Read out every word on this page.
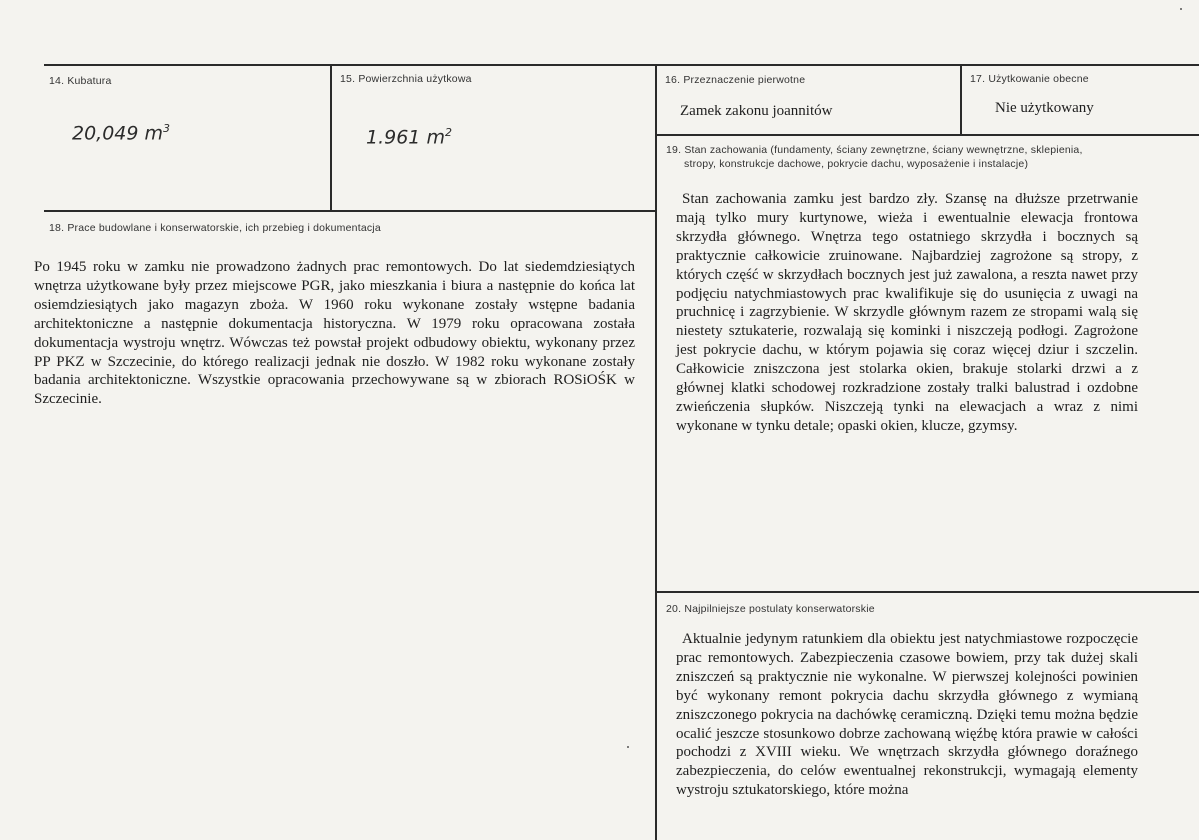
14. Kubatura
20,049 $m^3$
15. Powierzchnia użytkowa
1.961 $m^2$
16. Przeznaczenie pierwotne
Zamek zakonu joannitów
17. Użytkowanie obecne
Nie użytkowany
18. Prace budowlane i konserwatorskie, ich przebieg i dokumentacja

Po 1945 roku w zamku nie prowadzono żadnych prac remontowych. Do lat siedemdziesiątych wnętrza użytkowane były przez miejscowe PGR, jako mieszkania i biura a następnie do końca lat osiemdziesiątych jako magazyn zboża. W 1960 roku wykonane zostały wstępne badania architektoniczne a następnie dokumentacja historyczna. W 1979 roku opracowana została dokumentacja wystroju wnętrz. Wówczas też powstał projekt odbudowy obiektu, wykonany przez PP PKZ w Szczecinie, do którego realizacji jednak nie doszło. W 1982 roku wykonane zostały badania architektoniczne. Wszystkie opracowania przechowywane są w zbiorach ROSiOŚK w Szczecinie.

19. Stan zachowania (fundamenty, ściany zewnętrzne, ściany wewnętrzne, sklepienia,
stropy, konstrukcje dachowe, pokrycie dachu, wyposażenie i instalacje)

Stan zachowania zamku jest bardzo zły. Szansę na dłuższe przetrwanie mają tylko mury kurtynowe, wieża i ewentualnie elewacja frontowa skrzydła głównego. Wnętrza tego ostatniego skrzydła i bocznych są praktycznie całkowicie zruinowane. Najbardziej zagrożone są stropy, z których część w skrzydłach bocznych jest już zawalona, a reszta nawet przy podjęciu natychmiastowych prac kwalifikuje się do usunięcia z uwagi na pruchnicę i zagrzybienie. W skrzydle głównym razem ze stropami walą się niestety sztukaterie, rozwalają się kominki i niszczeją podłogi. Zagrożone jest pokrycie dachu, w którym pojawia się coraz więcej dziur i szczelin. Całkowicie zniszczona jest stolarka okien, brakuje stolarki drzwi a z głównej klatki schodowej rozkradzione zostały tralki balustrad i ozdobne zwieńczenia słupków. Niszczeją tynki na elewacjach a wraz z nimi wykonane w tynku detale; opaski okien, klucze, gzymsy.

20. Najpilniejsze postulaty konserwatorskie

Aktualnie jedynym ratunkiem dla obiektu jest natychmiastowe rozpoczęcie prac remontowych. Zabezpieczenia czasowe bowiem, przy tak dużej skali zniszczeń są praktycznie nie wykonalne. W pierwszej kolejności powinien być wykonany remont pokrycia dachu skrzydła głównego z wymianą zniszczonego pokrycia na dachówkę ceramiczną. Dzięki temu można będzie ocalić jeszcze stosunkowo dobrze zachowaną więźbę która prawie w całości pochodzi z XVIII wieku. We wnętrzach skrzydła głównego doraźnego zabezpieczenia, do celów ewentualnej rekonstrukcji, wymagają elementy wystroju sztukatorskiego, które można
